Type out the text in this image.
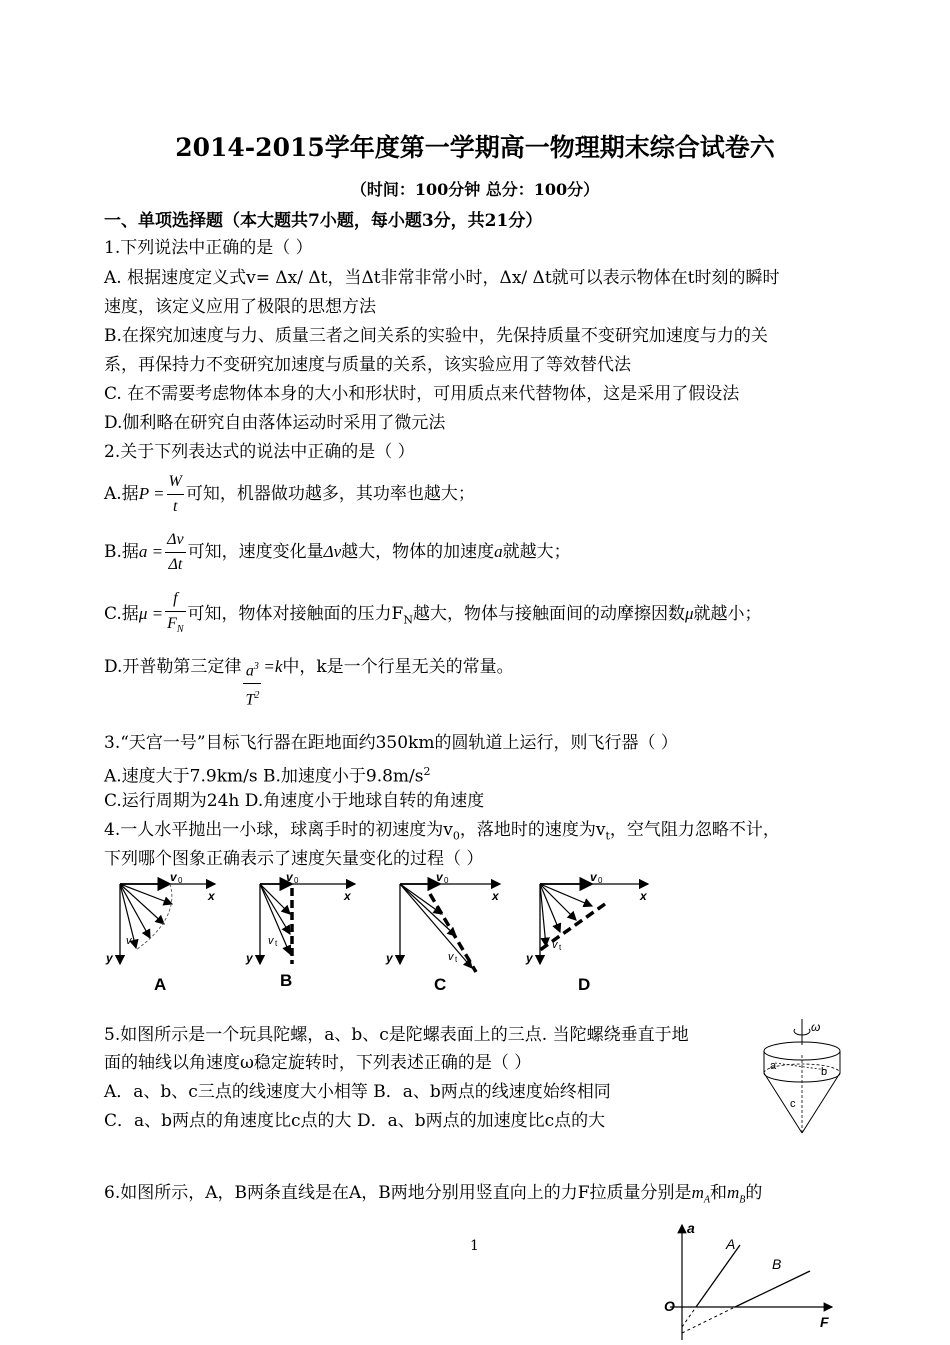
2014-2015学年度第一学期高一物理期末综合试卷六
（时间：100分钟 总分：100分）
一、单项选择题（本大题共7小题，每小题3分，共21分）
1.下列说法中正确的是（ ）
A. 根据速度定义式v= Δx/ Δt，当Δt非常非常小时，Δx/ Δt就可以表示物体在t时刻的瞬时
速度，该定义应用了极限的思想方法
B.在探究加速度与力、质量三者之间关系的实验中，先保持质量不变研究加速度与力的关
系，再保持力不变研究加速度与质量的关系，该实验应用了等效替代法
C. 在不需要考虑物体本身的大小和形状时，可用质点来代替物体，这是采用了假设法
D.伽利略在研究自由落体运动时采用了微元法
2.关于下列表达式的说法中正确的是（ ）
A.据$P = \frac{W}{t}$ 可知，机器做功越多，其功率也越大；
B.据$a = \frac{\Delta v}{\Delta t}$ 可知，速度变化量Δv越大，物体的加速度a就越大；
C.据$\mu = \frac{f}{F_N}$ 可知，物体对接触面的压力$F_N$越大，物体与接触面间的动摩擦因数μ就越小；
D.开普勒第三定律 $\frac{a^3}{T^2} =k$中，k是一个行星无关的常量。
3.“天宫一号”目标飞行器在距地面约350km的圆轨道上运行，则飞行器（ ）
A.速度大于7.9km/s B.加速度小于$9.8m/s^2$
C.运行周期为24h D.角速度小于地球自转的角速度
4.一人水平抛出一小球，球离手时的初速度为$v_0$，落地时的速度为$v_t$，空气阻力忽略不计，
下列哪个图象正确表示了速度矢量变化的过程（ ）
v 0
x
v t
y
A
v 0
x
v t
y
B
v 0
x
v t
y
C
v 0
x
v t
y
D
5.如图所示是一个玩具陀螺，a、b、c是陀螺表面上的三点. 当陀螺绕垂直于地
面的轴线以角速度ω稳定旋转时，下列表述正确的是（ ）
A．a、b、c三点的线速度大小相等 B．a、b两点的线速度始终相同
C．a、b两点的角速度比c点的大 D．a、b两点的加速度比c点的大
ω
a	b
c
6.如图所示，A，B两条直线是在A，B两地分别用竖直向上的力F拉质量分别是$m_A$和$m_B$的
1
a
O
F
A
B
